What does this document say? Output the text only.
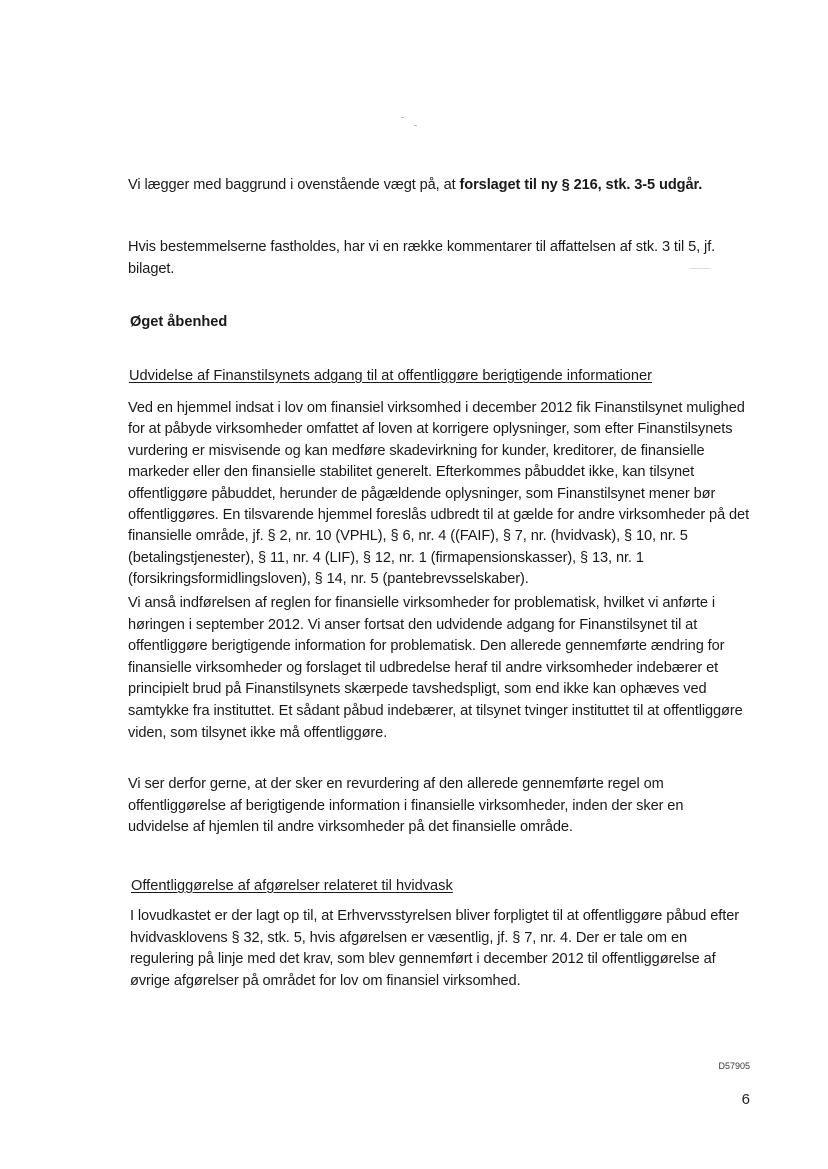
Vi lægger med baggrund i ovenstående vægt på, at forslaget til ny § 216, stk. 3-5 udgår.

Hvis bestemmelserne fastholdes, har vi en række kommentarer til affattelsen af stk. 3 til 5, jf. bilaget.

Øget åbenhed
Udvidelse af Finanstilsynets adgang til at offentliggøre berigtigende informationer

Ved en hjemmel indsat i lov om finansiel virksomhed i december 2012 fik Finanstilsynet mulighed for at påbyde virksomheder omfattet af loven at korrigere oplysninger, som efter Finanstilsynets vurdering er misvisende og kan medføre skadevirkning for kunder, kreditorer, de finansielle markeder eller den finansielle stabilitet generelt. Efterkommes påbuddet ikke, kan tilsynet offentliggøre påbuddet, herunder de pågældende oplysninger, som Finanstilsynet mener bør offentliggøres. En tilsvarende hjemmel foreslås udbredt til at gælde for andre virksomheder på det finansielle område, jf. § 2, nr. 10 (VPHL), § 6, nr. 4 ((FAIF), § 7, nr. (hvidvask), § 10, nr. 5 (betalingstjenester), § 11, nr. 4 (LIF), § 12, nr. 1 (firmapensionskasser), § 13, nr. 1 (forsikringsformidlingsloven), § 14, nr. 5 (pantebrevsselskaber).

Vi anså indførelsen af reglen for finansielle virksomheder for problematisk, hvilket vi anførte i høringen i september 2012. Vi anser fortsat den udvidende adgang for Finanstilsynet til at offentliggøre berigtigende information for problematisk. Den allerede gennemførte ændring for finansielle virksomheder og forslaget til udbredelse heraf til andre virksomheder indebærer et principielt brud på Finanstilsynets skærpede tavshedspligt, som end ikke kan ophæves ved samtykke fra instituttet. Et sådant påbud indebærer, at tilsynet tvinger instituttet til at offentliggøre viden, som tilsynet ikke må offentliggøre.

Vi ser derfor gerne, at der sker en revurdering af den allerede gennemførte regel om offentliggørelse af berigtigende information i finansielle virksomheder, inden der sker en udvidelse af hjemlen til andre virksomheder på det finansielle område.

Offentliggørelse af afgørelser relateret til hvidvask

I lovudkastet er der lagt op til, at Erhvervsstyrelsen bliver forpligtet til at offentliggøre påbud efter hvidvasklovens § 32, stk. 5, hvis afgørelsen er væsentlig, jf. § 7, nr. 4. Der er tale om en regulering på linje med det krav, som blev gennemført i december 2012 til offentliggørelse af øvrige afgørelser på området for lov om finansiel virksomhed.

D57905
6
